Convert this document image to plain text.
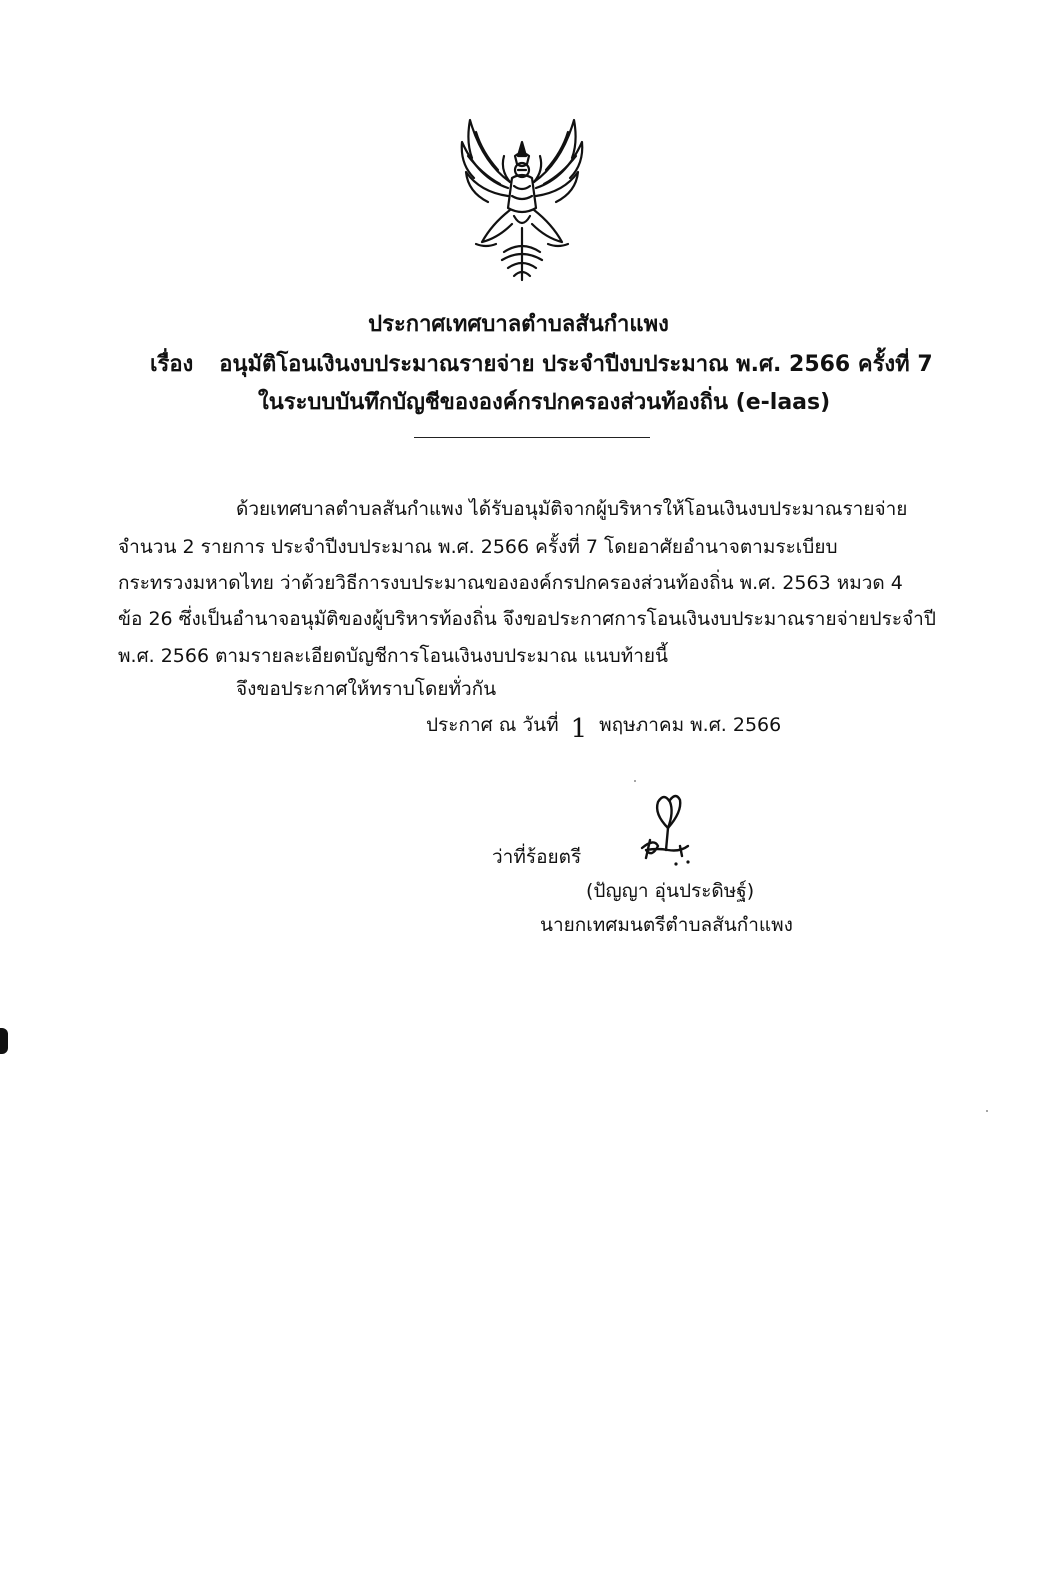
ประกาศเทศบาลตำบลสันกำแพง
เรื่อง อนุมัติโอนเงินงบประมาณรายจ่าย ประจำปีงบประมาณ พ.ศ. 2566 ครั้งที่ 7
ในระบบบันทึกบัญชีขององค์กรปกครองส่วนท้องถิ่น (e-laas)
ด้วยเทศบาลตำบลสันกำแพง ได้รับอนุมัติจากผู้บริหารให้โอนเงินงบประมาณรายจ่าย
จำนวน 2 รายการ ประจำปีงบประมาณ พ.ศ. 2566 ครั้งที่ 7 โดยอาศัยอำนาจตามระเบียบ
กระทรวงมหาดไทย ว่าด้วยวิธีการงบประมาณขององค์กรปกครองส่วนท้องถิ่น พ.ศ. 2563 หมวด 4
ข้อ 26 ซึ่งเป็นอำนาจอนุมัติของผู้บริหารท้องถิ่น จึงขอประกาศการโอนเงินงบประมาณรายจ่ายประจำปี
พ.ศ. 2566 ตามรายละเอียดบัญชีการโอนเงินงบประมาณ แนบท้ายนี้
จึงขอประกาศให้ทราบโดยทั่วกัน
ประกาศ ณ วันที่ 1 พฤษภาคม พ.ศ. 2566
ว่าที่ร้อยตรี
(ปัญญา อุ่นประดิษฐ์)
นายกเทศมนตรีตำบลสันกำแพง
